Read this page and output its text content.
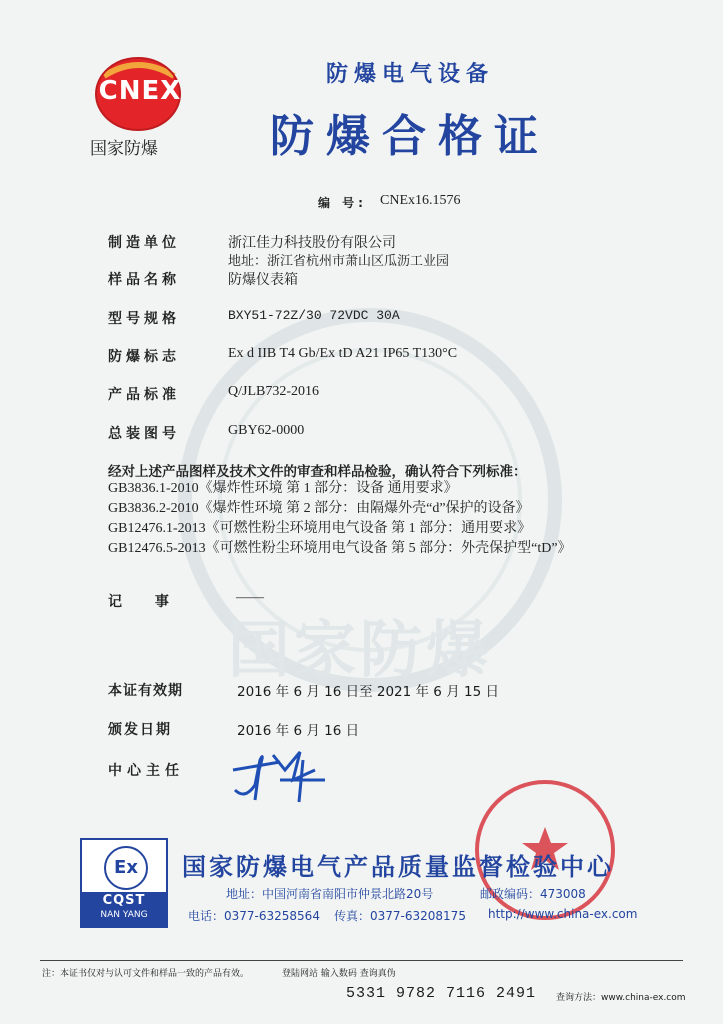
CNEX
国家防爆
防爆电气设备
防爆合格证
编 号: CNEx16.1576
制造单位	浙江佳力科技股份有限公司
地址：浙江省杭州市萧山区瓜沥工业园
样品名称	防爆仪表箱
型号规格	BXY51-72Z/30 72VDC 30A
防爆标志	Ex d IIB T4 Gb/Ex tD A21 IP65 T130°C
产品标准	Q/JLB732-2016
总装图号	GBY62-0000
经对上述产品图样及技术文件的审查和样品检验，确认符合下列标准：
GB3836.1-2010《爆炸性环境 第 1 部分：设备 通用要求》
GB3836.2-2010《爆炸性环境 第 2 部分：由隔爆外壳“d”保护的设备》
GB12476.1-2013《可燃性粉尘环境用电气设备 第 1 部分：通用要求》
GB12476.5-2013《可燃性粉尘环境用电气设备 第 5 部分：外壳保护型“tD”》
记 事	——
国家防爆
本证有效期	2016 年 6 月 16 日至 2021 年 6 月 15 日
颁发日期	2016 年 6 月 16 日
中心主任
Ex
CQST
NAN YANG
国家防爆电气产品质量监督检验中心
地址：中国河南省南阳市仲景北路20号	邮政编码：473008
电话：0377-63258564 传真：0377-63208175 http://www.china-ex.com
注：本证书仅对与认可文件和样品一致的产品有效。	登陆网站 输入数码 查询真伪
5331 9782 7116 2491 查询方法：www.china-ex.com
